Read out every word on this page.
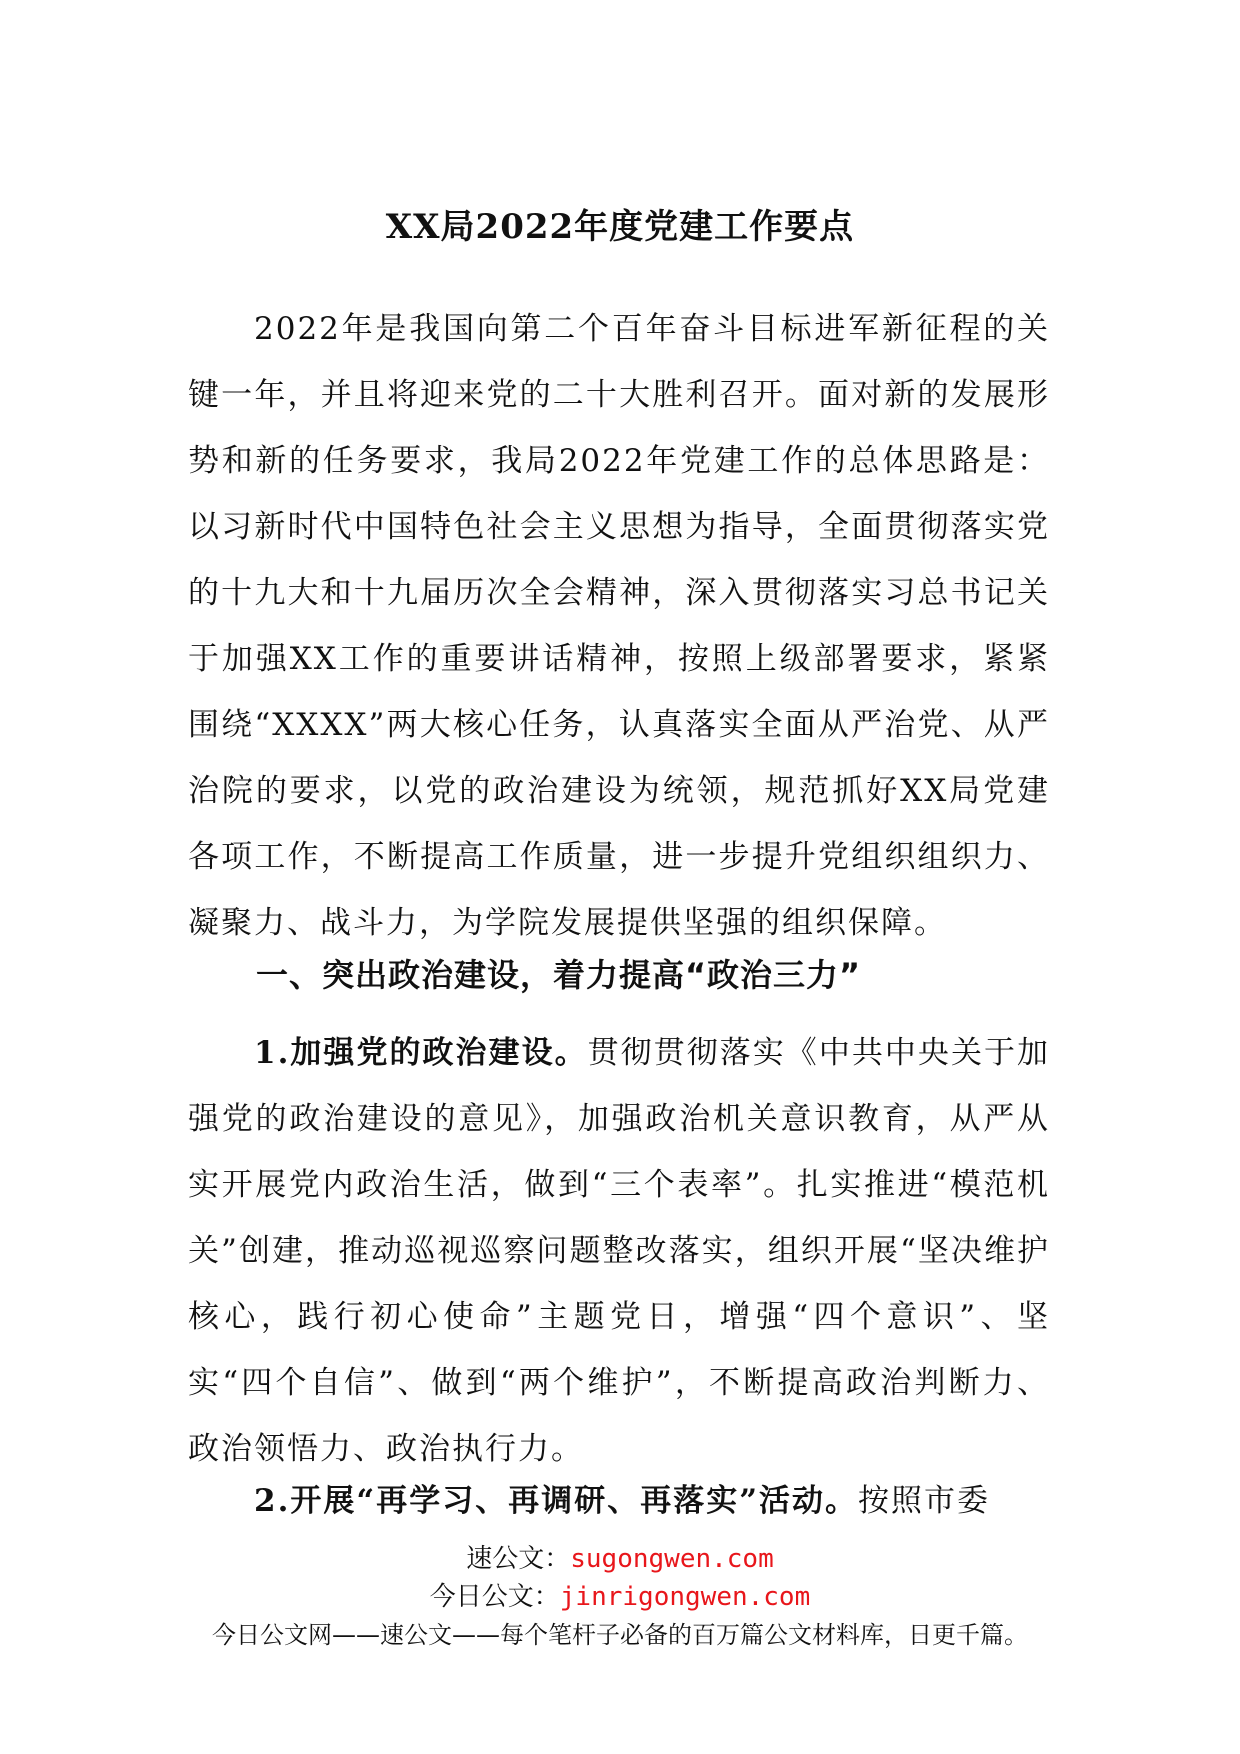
XX局2022年度党建工作要点
2022年是我国向第二个百年奋斗目标进军新征程的关键一年，并且将迎来党的二十大胜利召开。面对新的发展形势和新的任务要求，我局2022年党建工作的总体思路是：以习新时代中国特色社会主义思想为指导，全面贯彻落实党的十九大和十九届历次全会精神，深入贯彻落实习总书记关于加强XX工作的重要讲话精神，按照上级部署要求，紧紧围绕“XXXX”两大核心任务，认真落实全面从严治党、从严治院的要求，以党的政治建设为统领，规范抓好XX局党建各项工作，不断提高工作质量，进一步提升党组织组织力、凝聚力、战斗力，为学院发展提供坚强的组织保障。
一、突出政治建设，着力提高“政治三力”
1.加强党的政治建设。贯彻贯彻落实《中共中央关于加强党的政治建设的意见》，加强政治机关意识教育，从严从实开展党内政治生活，做到“三个表率”。扎实推进“模范机关”创建，推动巡视巡察问题整改落实，组织开展“坚决维护核心，践行初心使命”主题党日，增强“四个意识”、坚实“四个自信”、做到“两个维护”，不断提高政治判断力、政治领悟力、政治执行力。
2.开展“再学习、再调研、再落实”活动。按照市委
速公文：sugongwen.com
今日公文：jinrigongwen.com
今日公文网——速公文——每个笔杆子必备的百万篇公文材料库，日更千篇。
